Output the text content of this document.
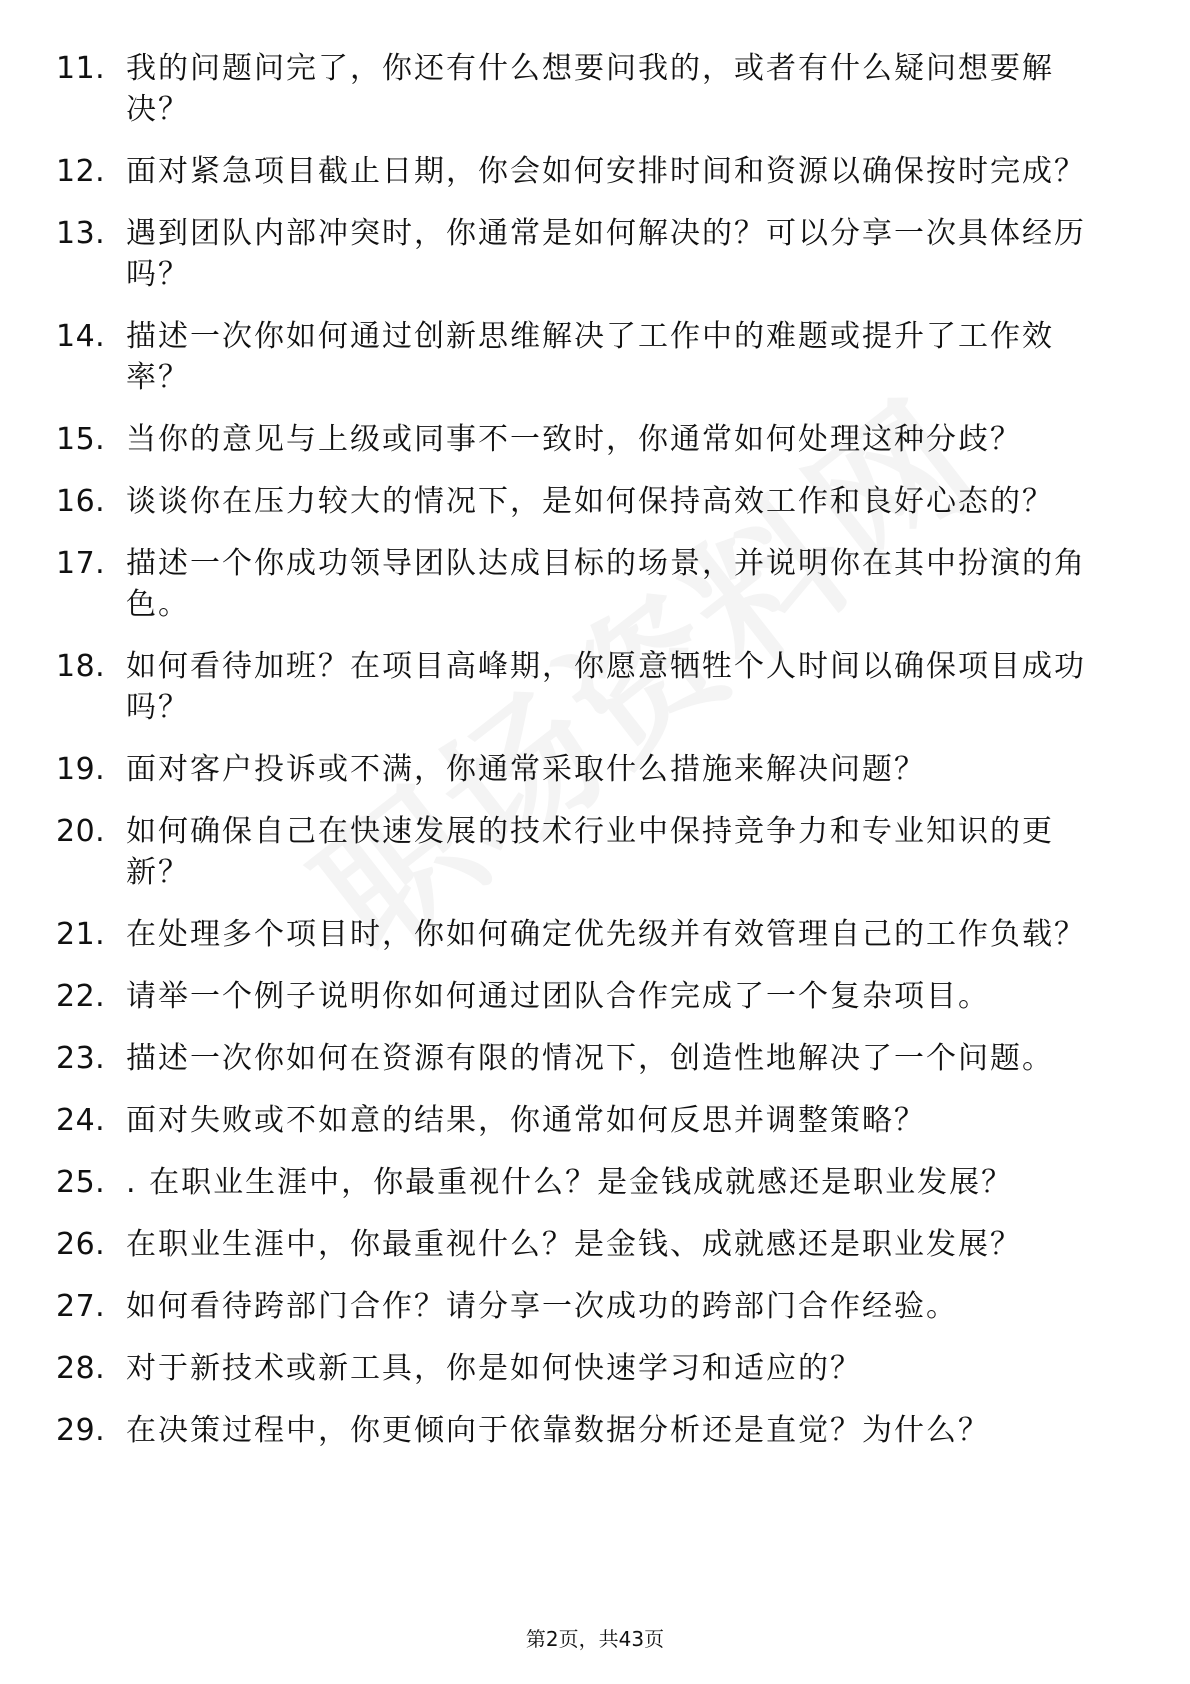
11. 我的问题问完了，你还有什么想要问我的，或者有什么疑问想要解决？
12. 面对紧急项目截止日期，你会如何安排时间和资源以确保按时完成？
13. 遇到团队内部冲突时，你通常是如何解决的？可以分享一次具体经历吗？
14. 描述一次你如何通过创新思维解决了工作中的难题或提升了工作效率？
15. 当你的意见与上级或同事不一致时，你通常如何处理这种分歧？
16. 谈谈你在压力较大的情况下，是如何保持高效工作和良好心态的？
17. 描述一个你成功领导团队达成目标的场景，并说明你在其中扮演的角色。
18. 如何看待加班？在项目高峰期，你愿意牺牲个人时间以确保项目成功吗？
19. 面对客户投诉或不满，你通常采取什么措施来解决问题？
20. 如何确保自己在快速发展的技术行业中保持竞争力和专业知识的更新？
21. 在处理多个项目时，你如何确定优先级并有效管理自己的工作负载？
22. 请举一个例子说明你如何通过团队合作完成了一个复杂项目。
23. 描述一次你如何在资源有限的情况下，创造性地解决了一个问题。
24. 面对失败或不如意的结果，你通常如何反思并调整策略？
25. . 在职业生涯中，你最重视什么？是金钱成就感还是职业发展？
26. 在职业生涯中，你最重视什么？是金钱、成就感还是职业发展？
27. 如何看待跨部门合作？请分享一次成功的跨部门合作经验。
28. 对于新技术或新工具，你是如何快速学习和适应的？
29. 在决策过程中，你更倾向于依靠数据分析还是直觉？为什么？
第2页，共43页
